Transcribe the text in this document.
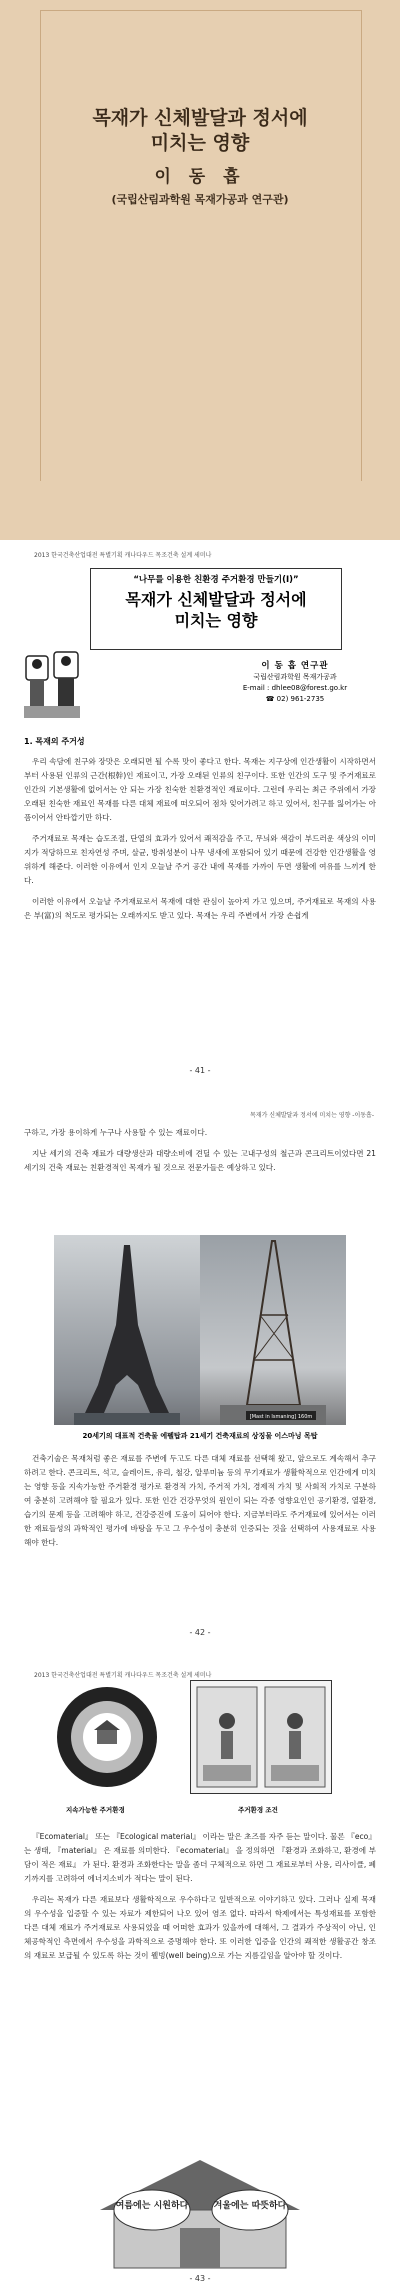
목재가 신체발달과 정서에
미치는 영향
이 동 흡
(국립산림과학원 목재가공과 연구관)
2013 한국건축산업대전 특별기획 캐나다우드 목조건축 설계 세미나
“나무를 이용한 친환경 주거환경 만들기(Ⅰ)”
목재가 신체발달과 정서에
미치는 영향
이 동 흡 연구관
국립산림과학원 목재가공과
E-mail : dhlee08@forest.go.kr
☎ 02) 961-2735
1. 목재의 주거성

우리 속담에 친구와 장맛은 오래되면 될 수록 맛이 좋다고 한다. 목재는 지구상에 인간생활이 시작하면서부터 사용된 인류의 근간(根幹)인 재료이고, 가장 오래된 인류의 친구이다. 또한 인간의 도구 및 주거재료로 인간의 기본생활에 없어서는 안 되는 가장 친숙한 친환경적인 재료이다. 그런데 우리는 최근 주위에서 가장 오래된 친숙한 재료인 목재를 다른 대체 재료에 떠오되어 점차 잊어가려고 하고 있어서, 친구를 잃어가는 아픔이어서 안타깝기만 하다.

주거재료로 목재는 습도조절, 단열의 효과가 있어서 쾌적감을 주고, 무늬와 색감이 부드러운 색상의 이미지가 적당하므로 친자연성 주며, 살균, 방취성분이 나무 냉새에 포함되어 있기 때문에 건강한 인간생활을 영위하게 해준다. 이러한 이유에서 인지 오늘날 주거 공간 내에 목재를 가까이 두면 생활에 여유를 느끼게 한다.

이러한 이유에서 오늘날 주거재료로서 목재에 대한 관심이 높아져 가고 있으며, 주거재료로 목재의 사용은 부(富)의 척도로 평가되는 오래까지도 받고 있다. 목재는 우리 주변에서 가장 손쉽게

- 41 -
목재가 신체발달과 정서에 미치는 영향 -이동흡-

구하고, 가장 용이하게 누구나 사용할 수 있는 재료이다.

지난 세기의 건축 재료가 대량생산과 대량소비에 견딜 수 있는 고내구성의 철근과 콘크리트이었다면 21세기의 건축 재료는 친환경적인 목재가 될 것으로 전문가들은 예상하고 있다.

[Mast in Ismaning] 160m
20세기의 대표적 건축물 에펠탑과 21세기 건축재료의 상징물 이스마닝 목탑

건축기술은 목재처럼 좋은 재료를 주변에 두고도 다른 대체 재료를 선택해 왔고, 앞으로도 계속해서 추구하려고 한다. 콘크리트, 석고, 슬레이트, 유리, 철강, 알루미늄 등의 무기재료가 생활학적으로 인간에게 미치는 영향 등을 지속가능한 주거환경 평가로 환경적 가치, 주거적 가치, 경제적 가치 및 사회적 가치로 구분하여 충분히 고려해야 할 필요가 있다. 또한 인간 건강무엇의 원인이 되는 각종 영향요인인 공기환경, 열환경, 습기의 문제 등을 고려해야 하고, 건강증진에 도움이 되어야 한다. 지금부터라도 주거재료에 있어서는 이러한 재료들성의 과학적인 평가에 바탕을 두고 그 우수성이 충분히 인증되는 것을 선택하여 사용재료로 사용해야 한다.

- 42 -
2013 한국건축산업대전 특별기획 캐나다우드 목조건축 설계 세미나
지속가능한 주거환경	주거환경 조건

『Ecomaterial』 또는 『Ecological material』 이라는 말은 초즈를 자주 듣는 말이다. 물론 『eco』 는 생태, 『material』 은 재료를 의미한다. 『ecomaterial』 을 정의하면 『환경과 조화하고, 환경에 부담이 적은 재료』 가 된다. 환경과 조화한다는 말을 좀더 구체적으로 하면 그 재료로부터 사용, 리사이클, 폐기까지를 고려하여 에너지소비가 적다는 말이 된다.

우리는 목재가 다른 재료보다 생활학적으로 우수하다고 일반적으로 이야기하고 있다. 그러나 실제 목재의 우수성을 입증할 수 있는 자료가 제한되어 나오 있어 염조 없다. 따라서 학제에서는 특성재료를 포함한 다른 대체 재료가 주거재료로 사용되었을 때 어떠한 효과가 있을까에 대해서, 그 결과가 주상적이 아닌, 인체공학적인 측면에서 우수성을 과학적으로 증명해야 한다. 또 이러한 입증을 인간의 쾌적한 생활공간 창조의 재료로 보급될 수 있도록 하는 것이 웰빙(well being)으로 가는 지름길임을 알아야 할 것이다.

여름에는 시원하다	겨울에는 따뜻하다
- 43 -
